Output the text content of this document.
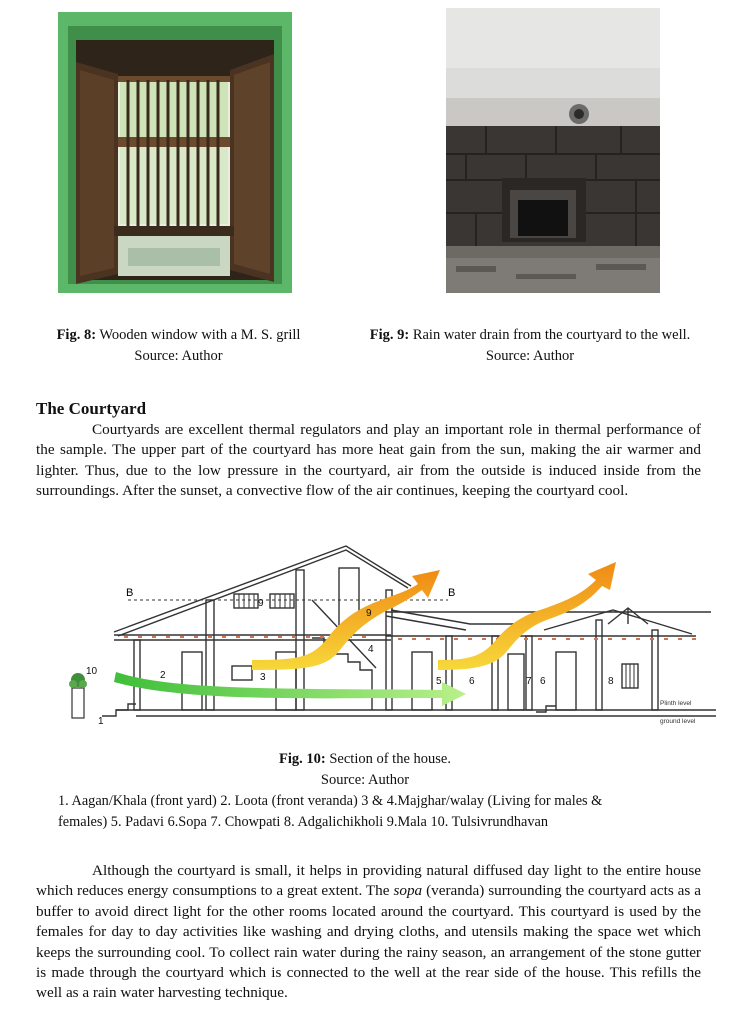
Fig. 8: Wooden window with a M. S. grill
Source: Author
Fig. 9: Rain water drain from the courtyard to the well.
Source: Author
The Courtyard
Courtyards are excellent thermal regulators and play an important role in thermal performance of the sample. The upper part of the courtyard has more heat gain from the sun, making the air warmer and lighter. Thus, due to the low pressure in the courtyard, air from the outside is induced inside from the surroundings. After the sunset, a convective flow of the air continues, keeping the courtyard cool.
B	B
1
2	3
4
5	6	7 6	8
9
9
10
Plinth level
ground level
Fig. 10: Section of the house.
Source: Author
1. Aagan/Khala (front yard) 2. Loota (front veranda) 3 & 4.Majghar/walay (Living for males &
females) 5. Padavi 6.Sopa 7. Chowpati 8. Adgalichikholi 9.Mala 10. Tulsivrundhavan
Although the courtyard is small, it helps in providing natural diffused day light to the entire house which reduces energy consumptions to a great extent. The sopa (veranda) surrounding the courtyard acts as a buffer to avoid direct light for the other rooms located around the courtyard. This courtyard is used by the females for day to day activities like washing and drying cloths, and utensils making the space wet which keeps the surrounding cool. To collect rain water during the rainy season, an arrangement of the stone gutter is made through the courtyard which is connected to the well at the rear side of the house. This refills the well as a rain water harvesting technique.
